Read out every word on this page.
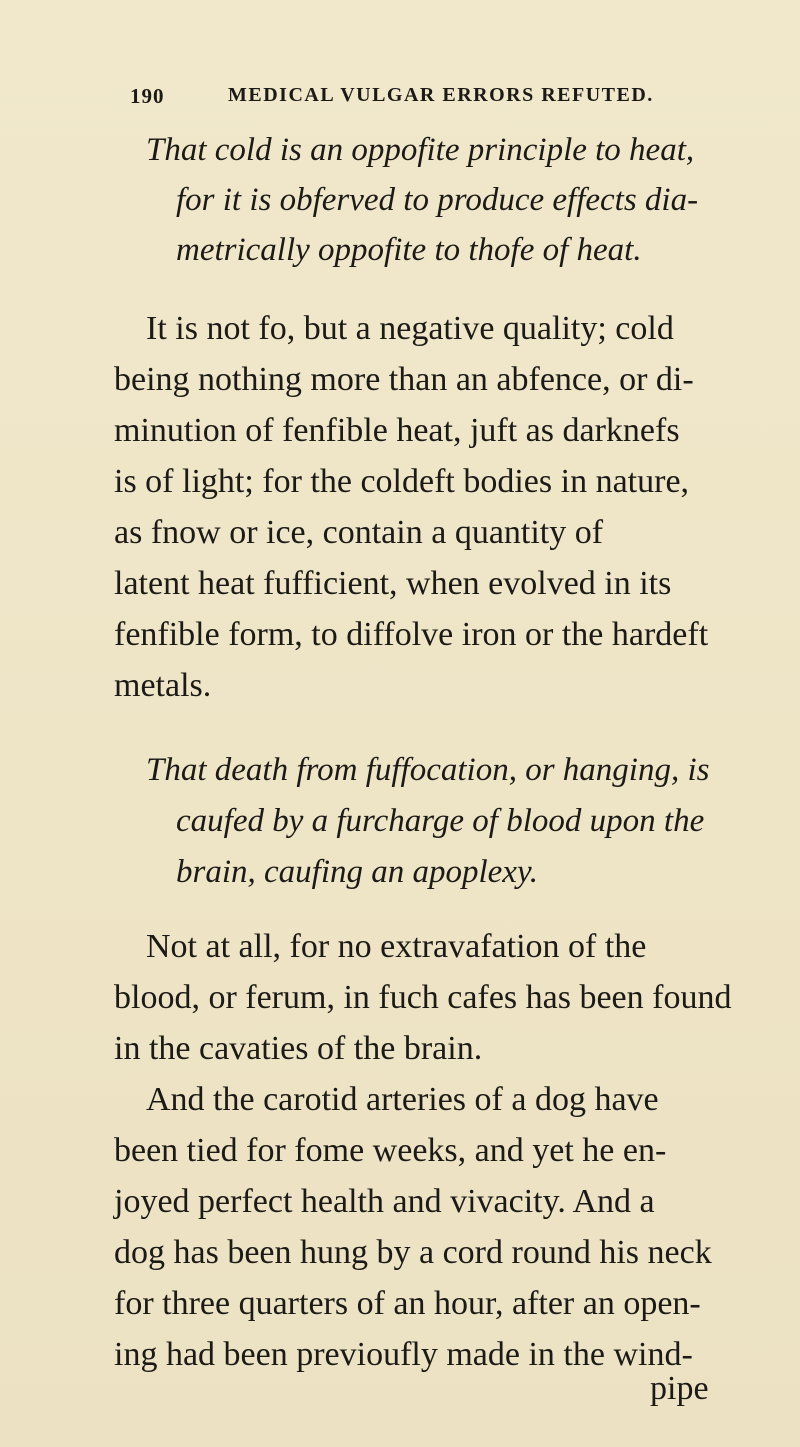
190	MEDICAL VULGAR ERRORS REFUTED.
That cold is an oppofite principle to heat,
for it is obferved to produce effects dia-
metrically oppofite to thofe of heat.
It is not fo, but a negative quality; cold
being nothing more than an abfence, or di-
minution of fenfible heat, juft as darknefs
is of light; for the coldeft bodies in nature,
as fnow or ice, contain a quantity of
latent heat fufficient, when evolved in its
fenfible form, to diffolve iron or the hardeft
metals.
That death from fuffocation, or hanging, is
caufed by a furcharge of blood upon the
brain, caufing an apoplexy.
Not at all, for no extravafation of the
blood, or ferum, in fuch cafes has been found
in the cavaties of the brain.
And the carotid arteries of a dog have
been tied for fome weeks, and yet he en-
joyed perfect health and vivacity. And a
dog has been hung by a cord round his neck
for three quarters of an hour, after an open-
ing had been previoufly made in the wind-
pipe
